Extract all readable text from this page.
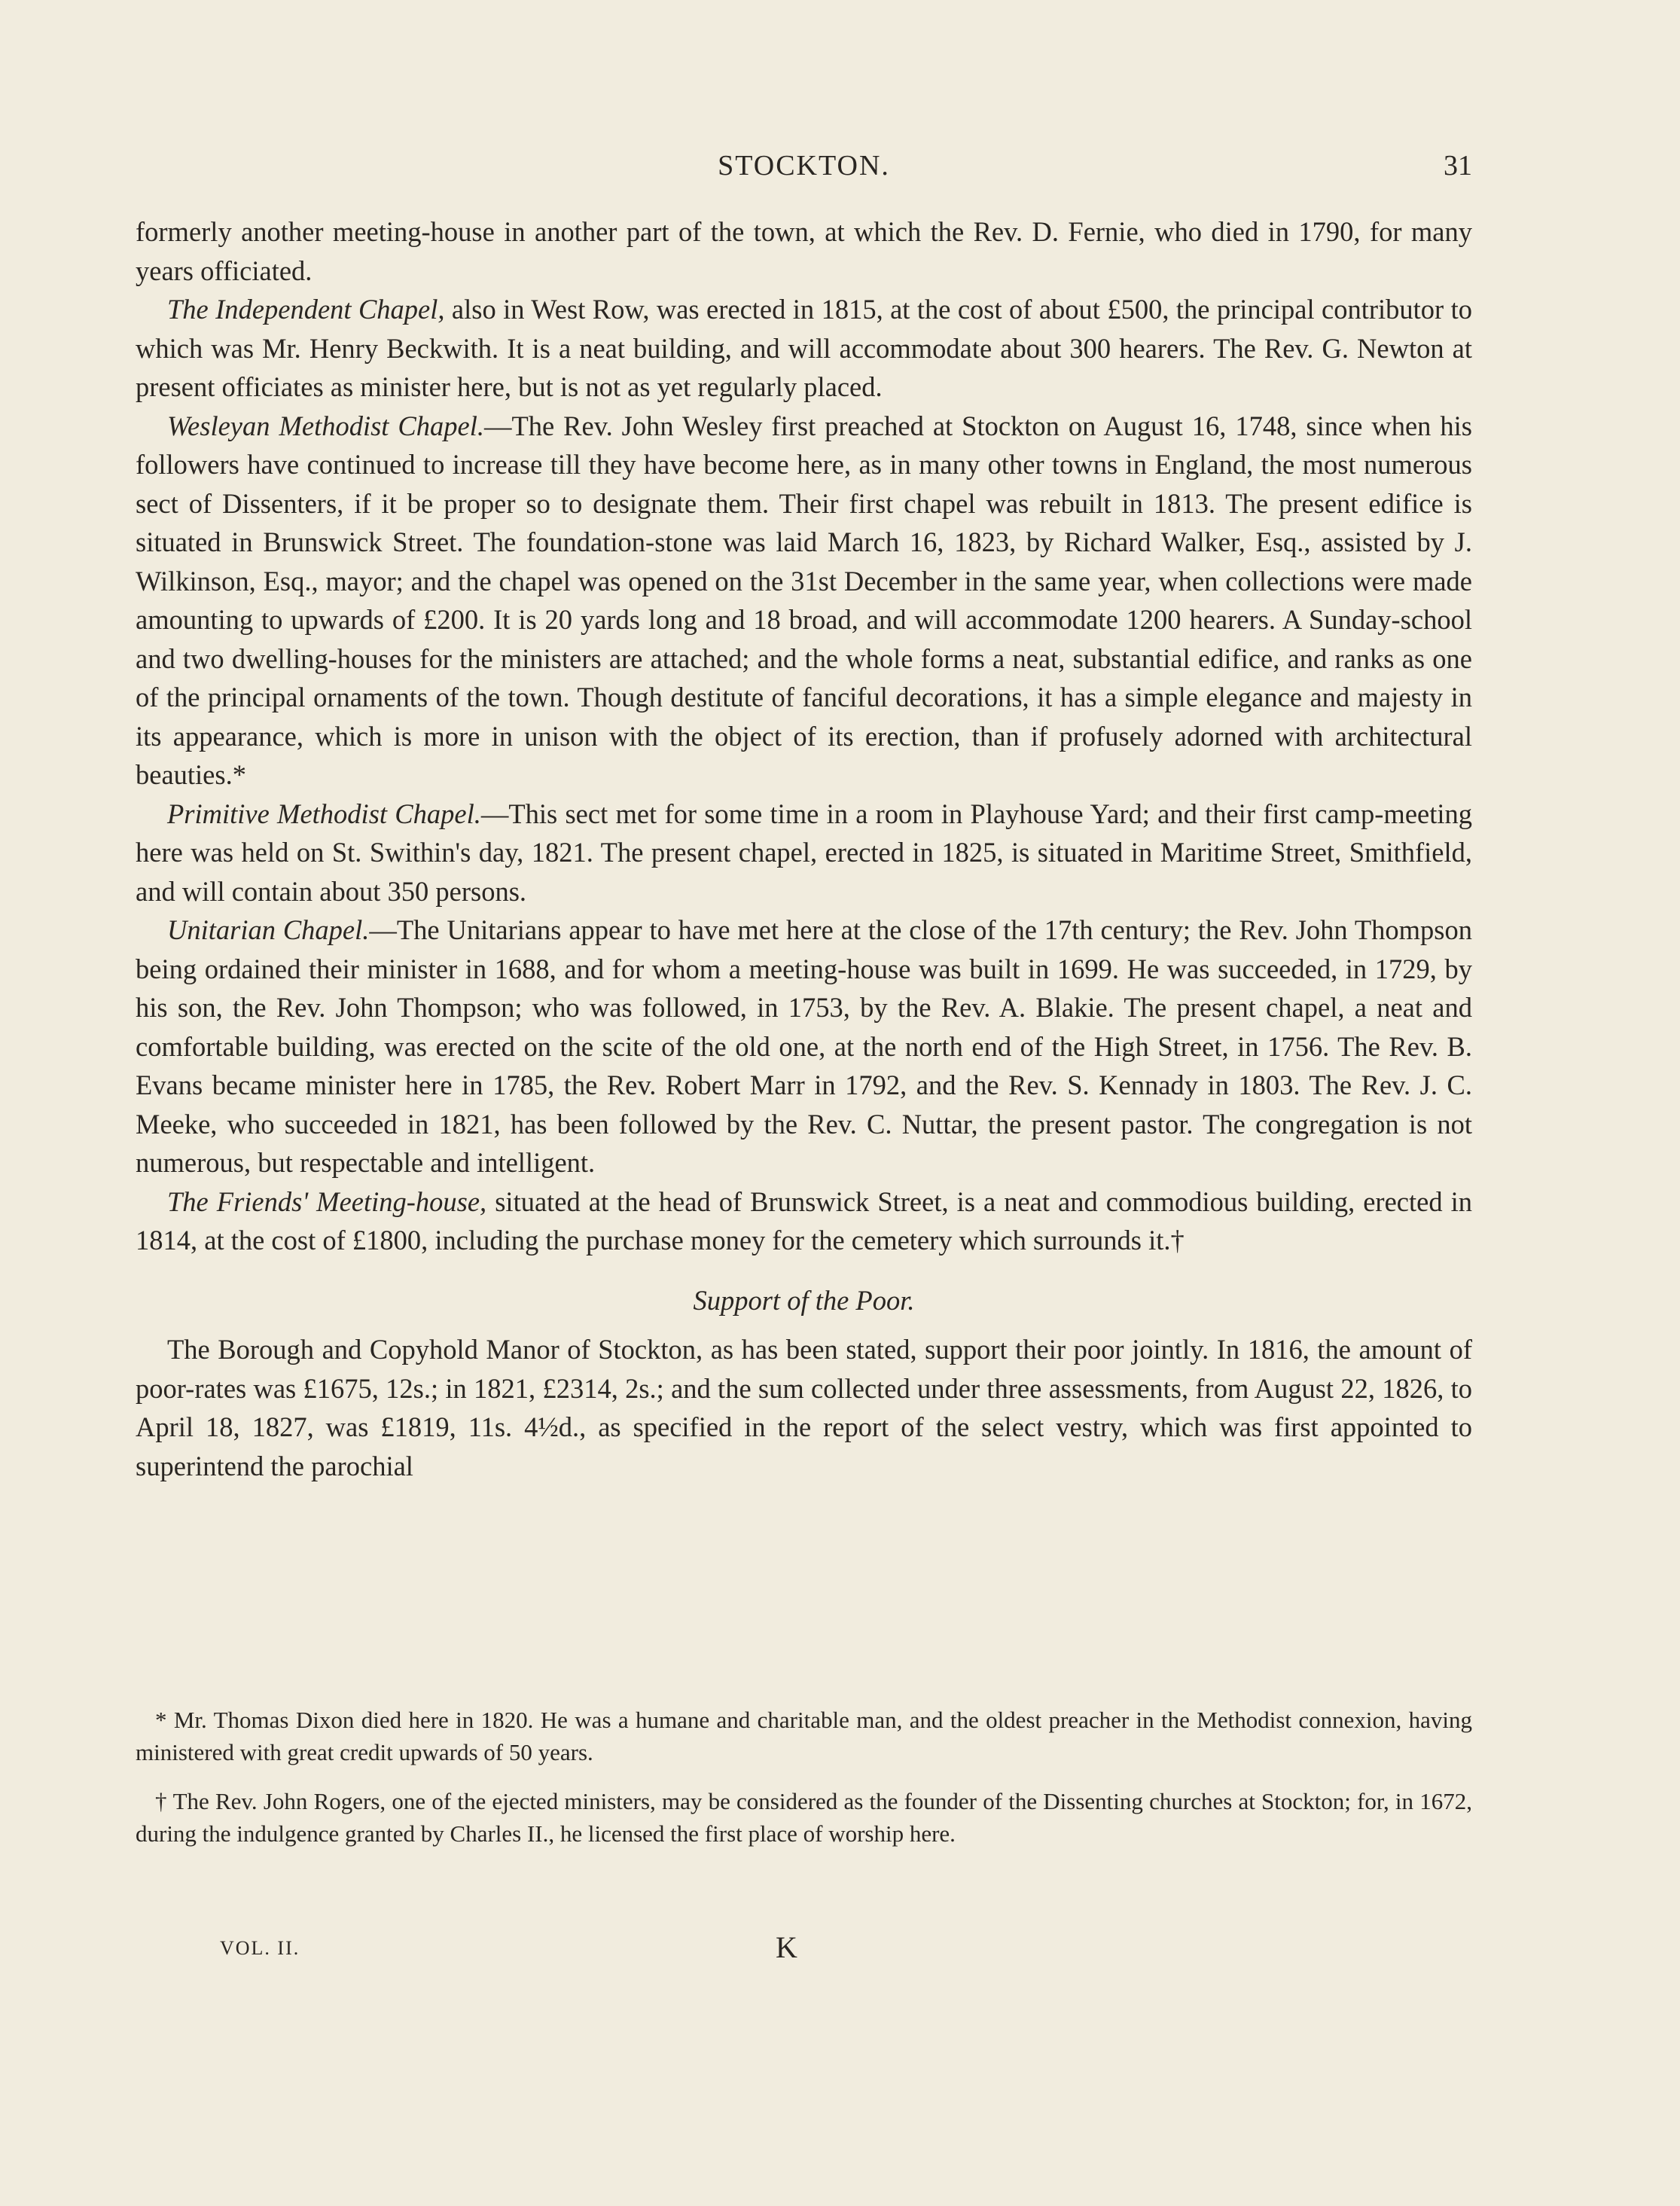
STOCKTON.	31

formerly another meeting-house in another part of the town, at which the Rev. D. Fernie, who died in 1790, for many years officiated.

The Independent Chapel, also in West Row, was erected in 1815, at the cost of about £500, the principal contributor to which was Mr. Henry Beckwith. It is a neat building, and will accommodate about 300 hearers. The Rev. G. Newton at present officiates as minister here, but is not as yet regularly placed.

Wesleyan Methodist Chapel.—The Rev. John Wesley first preached at Stockton on August 16, 1748, since when his followers have continued to increase till they have become here, as in many other towns in England, the most numerous sect of Dissenters, if it be proper so to designate them. Their first chapel was rebuilt in 1813. The present edifice is situated in Brunswick Street. The foundation-stone was laid March 16, 1823, by Richard Walker, Esq., assisted by J. Wilkinson, Esq., mayor; and the chapel was opened on the 31st December in the same year, when collections were made amounting to upwards of £200. It is 20 yards long and 18 broad, and will accommodate 1200 hearers. A Sunday-school and two dwelling-houses for the ministers are attached; and the whole forms a neat, substantial edifice, and ranks as one of the principal ornaments of the town. Though destitute of fanciful decorations, it has a simple elegance and majesty in its appearance, which is more in unison with the object of its erection, than if profusely adorned with architectural beauties.*

Primitive Methodist Chapel.—This sect met for some time in a room in Playhouse Yard; and their first camp-meeting here was held on St. Swithin's day, 1821. The present chapel, erected in 1825, is situated in Maritime Street, Smithfield, and will contain about 350 persons.

Unitarian Chapel.—The Unitarians appear to have met here at the close of the 17th century; the Rev. John Thompson being ordained their minister in 1688, and for whom a meeting-house was built in 1699. He was succeeded, in 1729, by his son, the Rev. John Thompson; who was followed, in 1753, by the Rev. A. Blakie. The present chapel, a neat and comfortable building, was erected on the scite of the old one, at the north end of the High Street, in 1756. The Rev. B. Evans became minister here in 1785, the Rev. Robert Marr in 1792, and the Rev. S. Kennady in 1803. The Rev. J. C. Meeke, who succeeded in 1821, has been followed by the Rev. C. Nuttar, the present pastor. The congregation is not numerous, but respectable and intelligent.

The Friends' Meeting-house, situated at the head of Brunswick Street, is a neat and commodious building, erected in 1814, at the cost of £1800, including the purchase money for the cemetery which surrounds it.†

Support of the Poor.

The Borough and Copyhold Manor of Stockton, as has been stated, support their poor jointly. In 1816, the amount of poor-rates was £1675, 12s.; in 1821, £2314, 2s.; and the sum collected under three assessments, from August 22, 1826, to April 18, 1827, was £1819, 11s. 4½d., as specified in the report of the select vestry, which was first appointed to superintend the parochial

* Mr. Thomas Dixon died here in 1820. He was a humane and charitable man, and the oldest preacher in the Methodist connexion, having ministered with great credit upwards of 50 years.

† The Rev. John Rogers, one of the ejected ministers, may be considered as the founder of the Dissenting churches at Stockton; for, in 1672, during the indulgence granted by Charles II., he licensed the first place of worship here.

VOL. II.	K
